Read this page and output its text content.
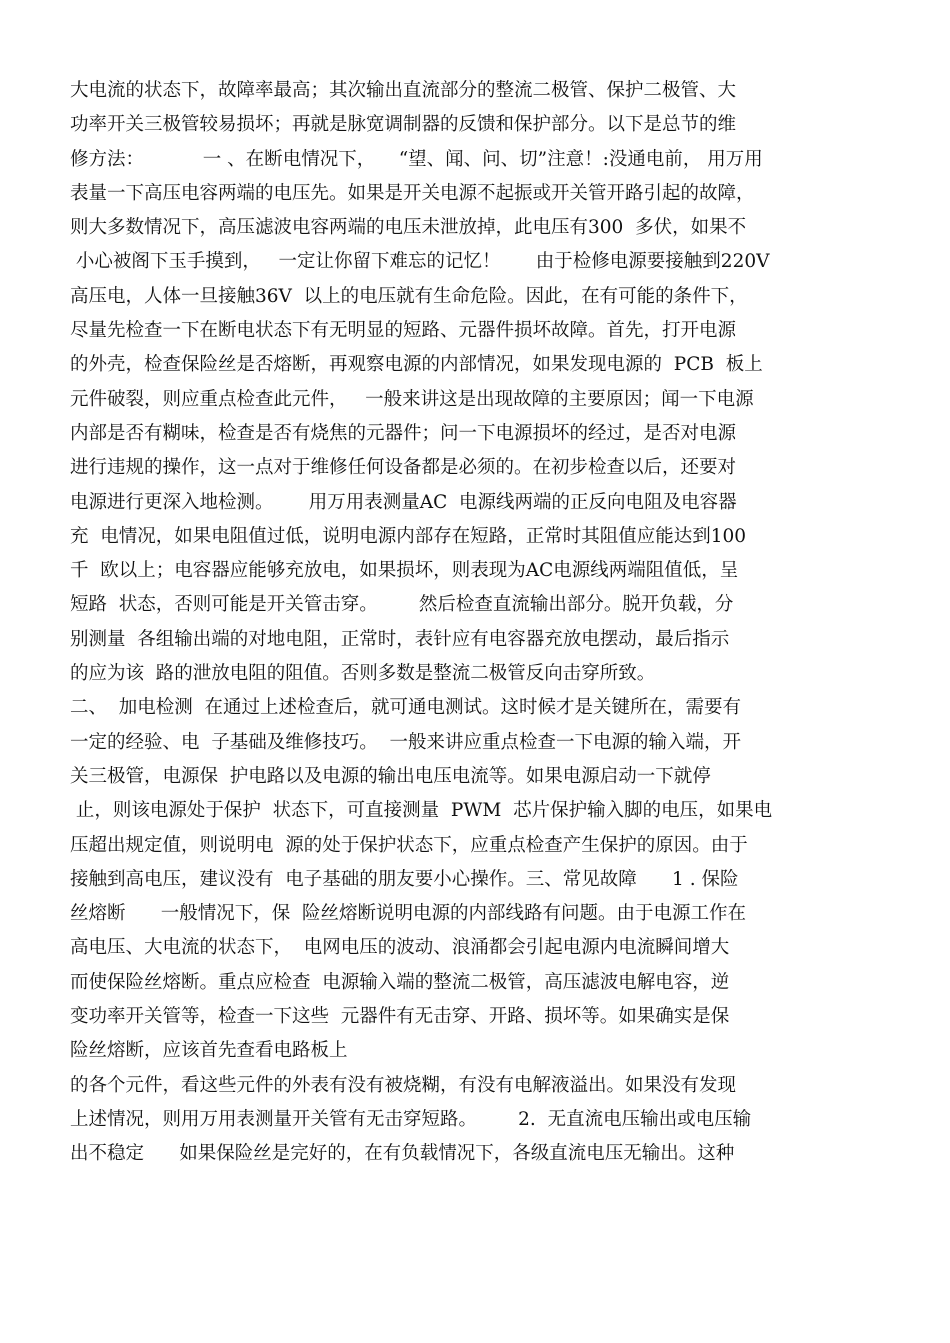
大电流的状态下，故障率最高；其次输出直流部分的整流二极管、保护二极管、大
功率开关三极管较易损坏；再就是脉宽调制器的反馈和保护部分。以下是总节的维
修方法：          一 、在断电情况下，    “望、闻、问、切”注意！:没通电前， 用万用
表量一下高压电容两端的电压先。如果是开关电源不起振或开关管开路引起的故障，
则大多数情况下，高压滤波电容两端的电压未泄放掉，此电压有300  多伏，如果不
小心被阁下玉手摸到，   一定让你留下难忘的记忆！      由于检修电源要接触到220V
高压电，人体一旦接触36V  以上的电压就有生命危险。因此，在有可能的条件下，
尽量先检查一下在断电状态下有无明显的短路、元器件损坏故障。首先，打开电源
的外壳，检查保险丝是否熔断，再观察电源的内部情况，如果发现电源的  PCB  板上
元件破裂，则应重点检查此元件，   一般来讲这是出现故障的主要原因；闻一下电源
内部是否有糊味，检查是否有烧焦的元器件；问一下电源损坏的经过，是否对电源
进行违规的操作，这一点对于维修任何设备都是必须的。在初步检查以后，还要对
电源进行更深入地检测。      用万用表测量AC  电源线两端的正反向电阻及电容器
充  电情况，如果电阻值过低，说明电源内部存在短路，正常时其阻值应能达到100
千  欧以上；电容器应能够充放电，如果损坏，则表现为AC电源线两端阻值低，呈
短路  状态，否则可能是开关管击穿。       然后检查直流输出部分。脱开负载，分
别测量  各组输出端的对地电阻，正常时，表针应有电容器充放电摆动，最后指示
的应为该  路的泄放电阻的阻值。否则多数是整流二极管反向击穿所致。
二、  加电检测  在通过上述检查后，就可通电测试。这时候才是关键所在，需要有
一定的经验、电  子基础及维修技巧。  一般来讲应重点检查一下电源的输入端，开
关三极管，电源保  护电路以及电源的输出电压电流等。如果电源启动一下就停
止，则该电源处于保护  状态下，可直接测量  PWM  芯片保护输入脚的电压，如果电
压超出规定值，则说明电  源的处于保护状态下，应重点检查产生保护的原因。由于
接触到高电压，建议没有  电子基础的朋友要小心操作。三、常见故障      1 . 保险
丝熔断      一般情况下，保  险丝熔断说明电源的内部线路有问题。由于电源工作在
高电压、大电流的状态下，  电网电压的波动、浪涌都会引起电源内电流瞬间增大
而使保险丝熔断。重点应检查  电源输入端的整流二极管，高压滤波电解电容，逆
变功率开关管等，检查一下这些  元器件有无击穿、开路、损坏等。如果确实是保
险丝熔断，应该首先查看电路板上
的各个元件，看这些元件的外表有没有被烧糊，有没有电解液溢出。如果没有发现
上述情况，则用万用表测量开关管有无击穿短路。       2.  无直流电压输出或电压输
出不稳定      如果保险丝是完好的，在有负载情况下，各级直流电压无输出。这种
